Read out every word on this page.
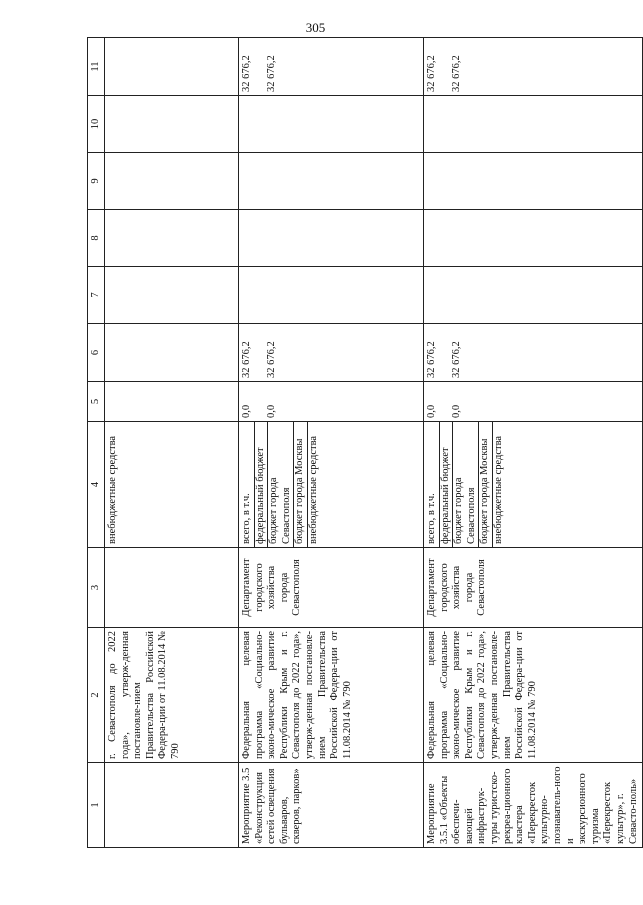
305
1	2	3	4	5	6	7	8	9	10	11
	г. Севастополя до 2022 года», утверж-денная постановле-нием Правительства Российской Федера-ции от 11.08.2014 № 790		внебюджетные средства							
Мероприятие 3.5 «Реконструкция сетей освещения бульваров, скверов, парков»	Федеральная целевая программа «Социально-эконо-мическое развитие Республики Крым и г. Севастополя до 2022 года», утверж-денная постановле-нием Правительства Российской Федера-ции от 11.08.2014 № 790	Департамент городского хозяйства города Севастополя	всего, в т.ч. федеральный бюджет бюджет города Севастополя бюджет города Москвы внебюджетные средства	0,0 0,0	32 676,2 32 676,2					32 676,2 32 676,2

Мероприятие 3.5.1 «Объекты обеспечи-вающей инфраструк-туры туристско-рекреа-ционного кластера «Перекресток культурно-познаватель-ного и экскурсионного туризма «Перекресток культур», г. Севасто-поль»	Федеральная целевая программа «Социально-эконо-мическое развитие Республики Крым и г. Севастополя до 2022 года», утверж-денная постановле-нием Правительства Российской Федера-ции от 11.08.2014 № 790	Департамент городского хозяйства города Севастополя	всего, в т.ч. федеральный бюджет бюджет города Севастополя бюджет города Москвы внебюджетные средства	0,0 0,0	32 676,2 32 676,2					32 676,2 32 676,2
